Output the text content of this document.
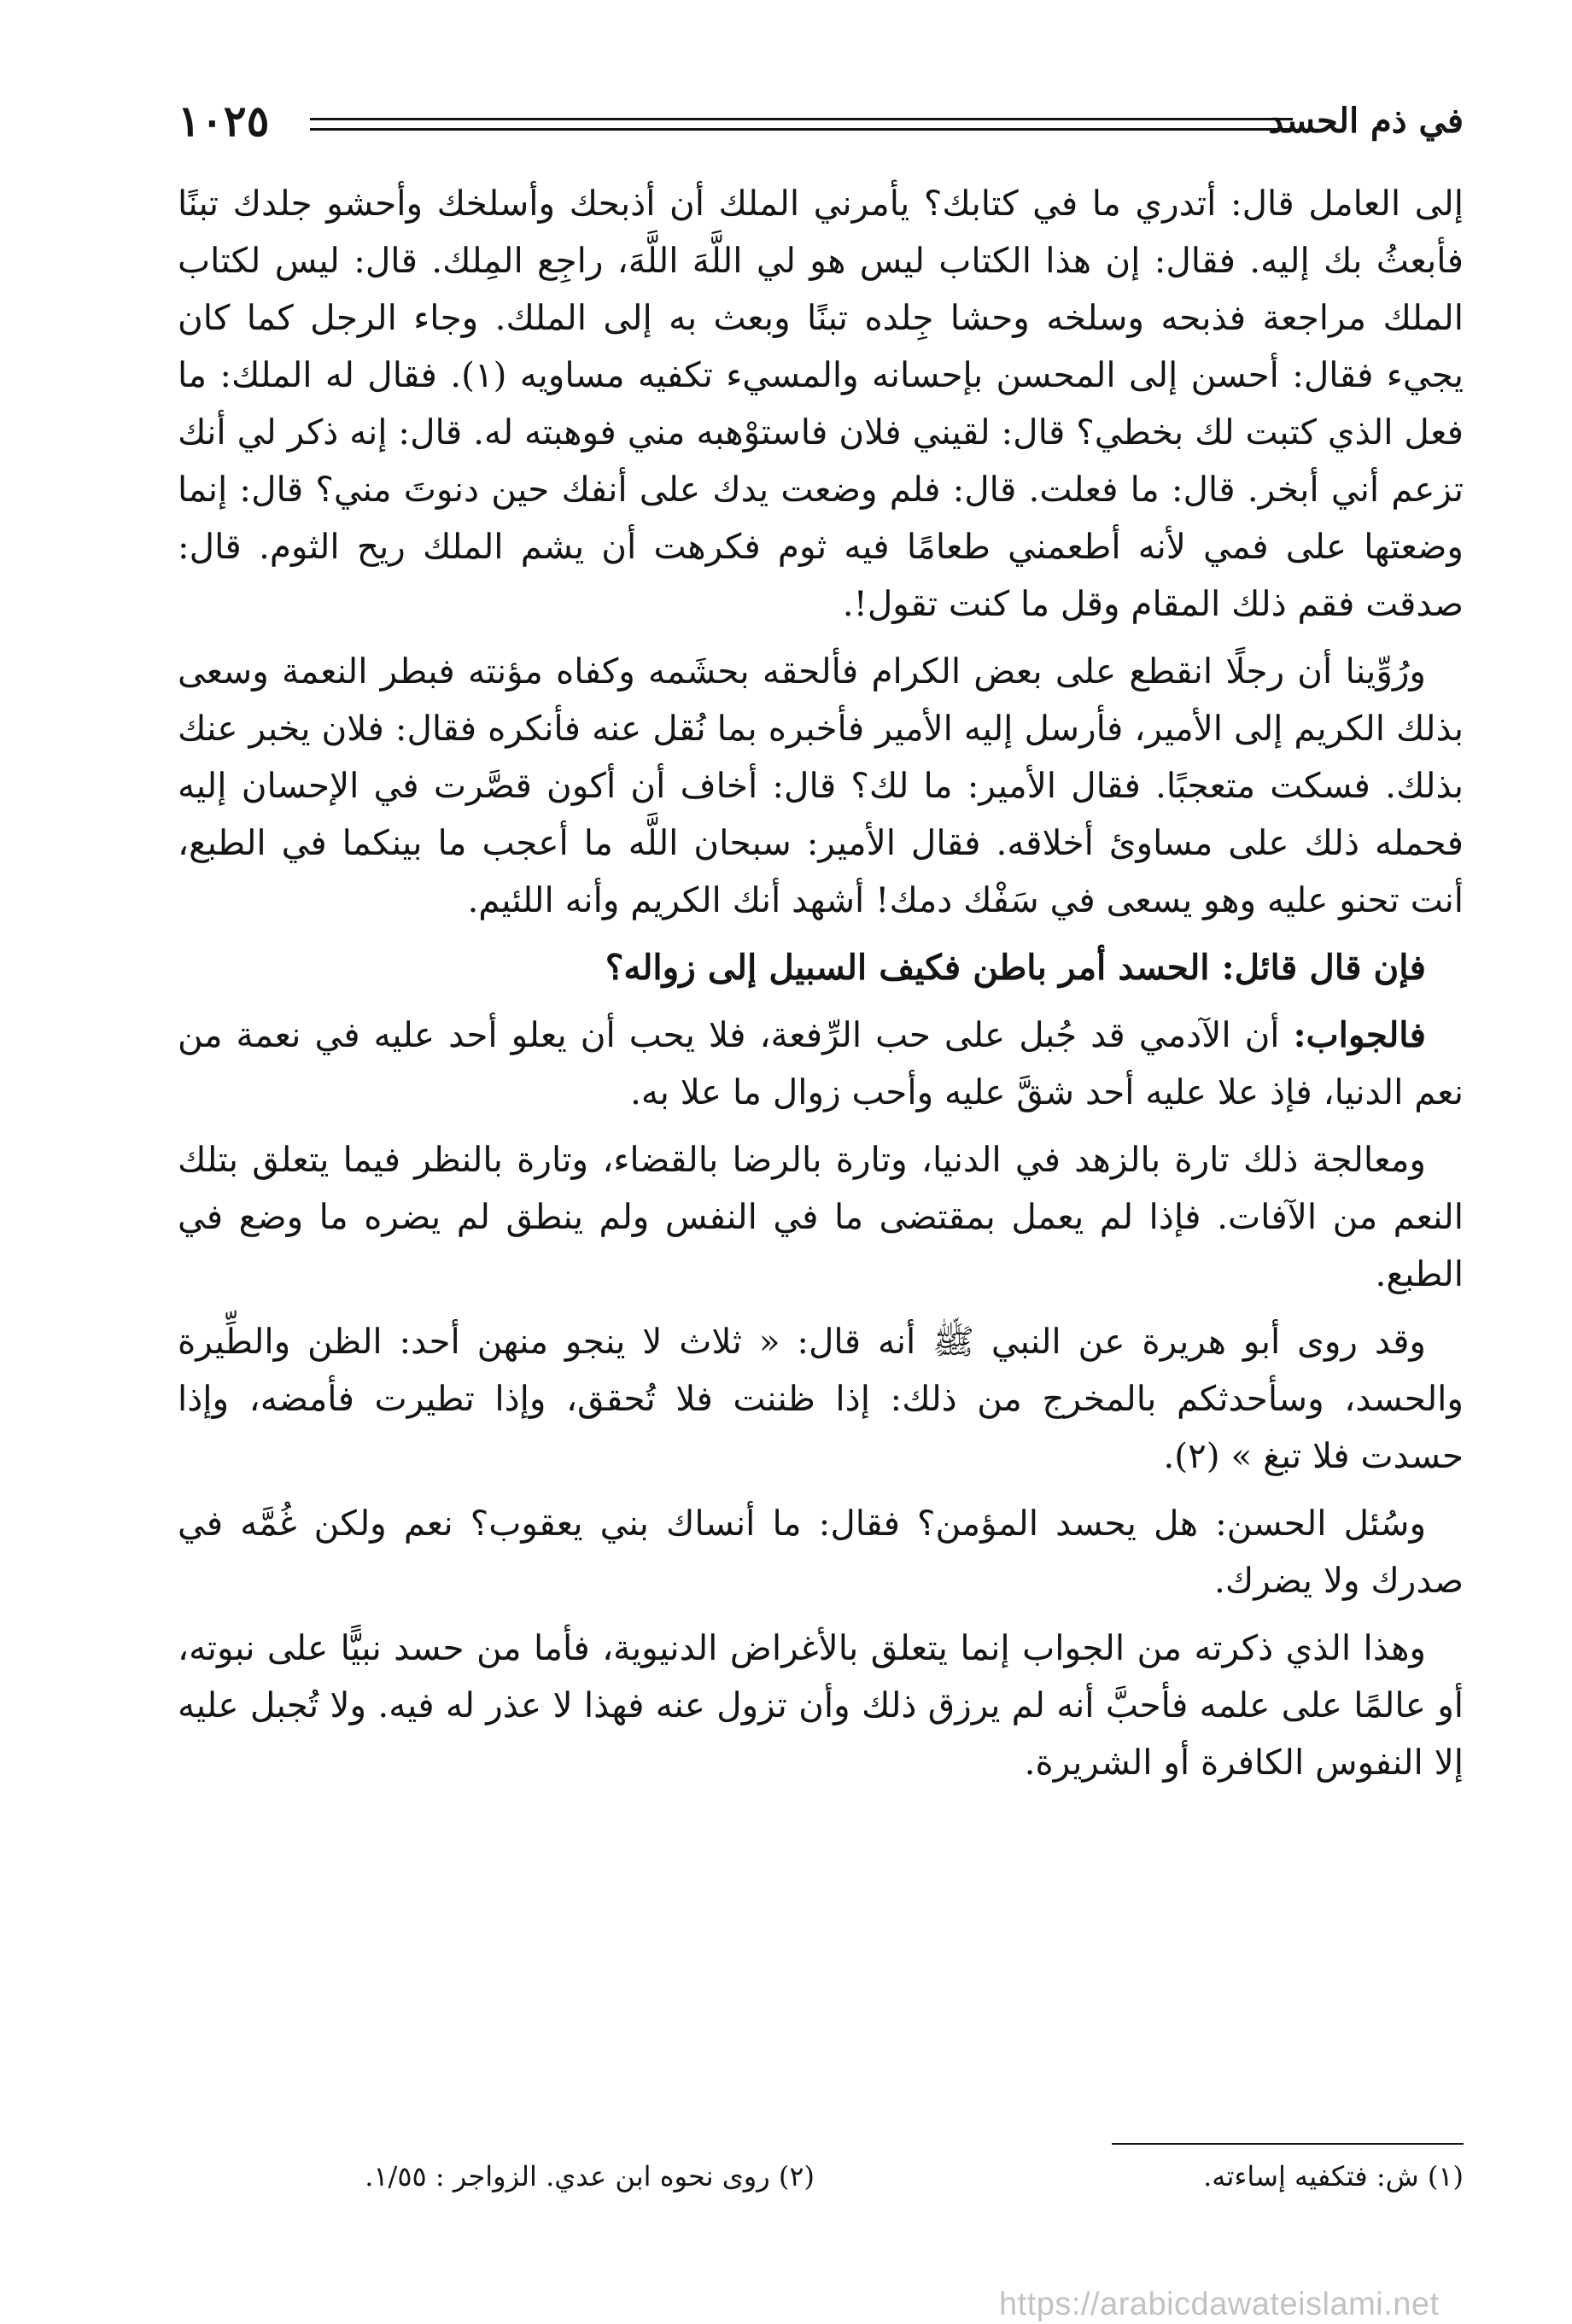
في ذم الحسد
١٠٢٥

إلى العامل قال: أتدري ما في كتابك؟ يأمرني الملك أن أذبحك وأسلخك وأحشو جلدك تبنًا فأبعثُ بك إليه. فقال: إن هذا الكتاب ليس هو لي اللَّهَ اللَّهَ، راجِع المِلك. قال: ليس لكتاب الملك مراجعة فذبحه وسلخه وحشا جِلده تبنًا وبعث به إلى الملك. وجاء الرجل كما كان يجيء فقال: أحسن إلى المحسن بإحسانه والمسيء تكفيه مساويه (١). فقال له الملك: ما فعل الذي كتبت لك بخطي؟ قال: لقيني فلان فاستوْهبه مني فوهبته له. قال: إنه ذكر لي أنك تزعم أني أبخر. قال: ما فعلت. قال: فلم وضعت يدك على أنفك حين دنوتَ مني؟ قال: إنما وضعتها على فمي لأنه أطعمني طعامًا فيه ثوم فكرهت أن يشم الملك ريح الثوم. قال: صدقت فقم ذلك المقام وقل ما كنت تقول!.

ورُوِّينا أن رجلًا انقطع على بعض الكرام فألحقه بحشَمه وكفاه مؤنته فبطر النعمة وسعى بذلك الكريم إلى الأمير، فأرسل إليه الأمير فأخبره بما نُقل عنه فأنكره فقال: فلان يخبر عنك بذلك. فسكت متعجبًا. فقال الأمير: ما لك؟ قال: أخاف أن أكون قصَّرت في الإحسان إليه فحمله ذلك على مساوئ أخلاقه. فقال الأمير: سبحان اللَّه ما أعجب ما بينكما في الطبع، أنت تحنو عليه وهو يسعى في سَفْك دمك! أشهد أنك الكريم وأنه اللئيم.

فإن قال قائل: الحسد أمر باطن فكيف السبيل إلى زواله؟

فالجواب: أن الآدمي قد جُبل على حب الرِّفعة، فلا يحب أن يعلو أحد عليه في نعمة من نعم الدنيا، فإذ علا عليه أحد شقَّ عليه وأحب زوال ما علا به.

ومعالجة ذلك تارة بالزهد في الدنيا، وتارة بالرضا بالقضاء، وتارة بالنظر فيما يتعلق بتلك النعم من الآفات. فإذا لم يعمل بمقتضى ما في النفس ولم ينطق لم يضره ما وضع في الطبع.

وقد روى أبو هريرة عن النبي ﷺ أنه قال: « ثلاث لا ينجو منهن أحد: الظن والطِّيرة والحسد، وسأحدثكم بالمخرج من ذلك: إذا ظننت فلا تُحقق، وإذا تطيرت فأمضه، وإذا حسدت فلا تبغ » (٢).

وسُئل الحسن: هل يحسد المؤمن؟ فقال: ما أنساك بني يعقوب؟ نعم ولكن غُمَّه في صدرك ولا يضرك.

وهذا الذي ذكرته من الجواب إنما يتعلق بالأغراض الدنيوية، فأما من حسد نبيًّا على نبوته، أو عالمًا على علمه فأحبَّ أنه لم يرزق ذلك وأن تزول عنه فهذا لا عذر له فيه. ولا تُجبل عليه إلا النفوس الكافرة أو الشريرة.

(١) ش: فتكفيه إساءته.
(٢) روى نحوه ابن عدي. الزواجر : ١/٥٥.
https://arabicdawateislami.net
